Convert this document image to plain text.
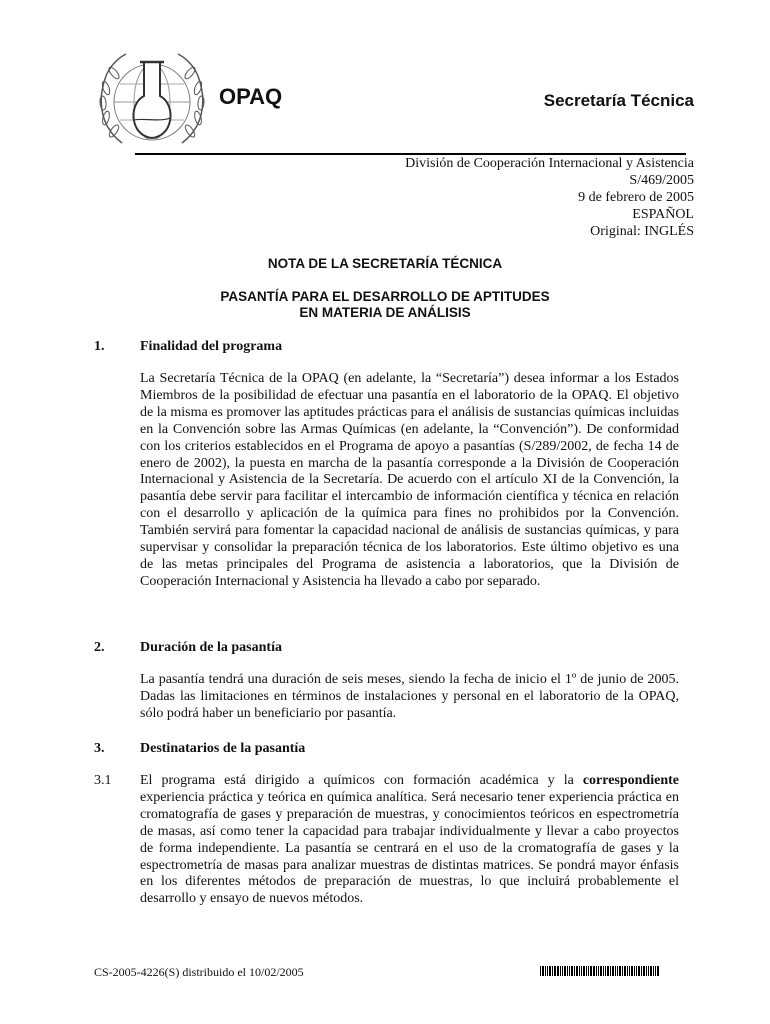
OPAQ	Secretaría Técnica
División de Cooperación Internacional y Asistencia
S/469/2005
9 de febrero de 2005
ESPAÑOL
Original: INGLÉS
NOTA DE LA SECRETARÍA TÉCNICA
PASANTÍA PARA EL DESARROLLO DE APTITUDES
EN MATERIA DE ANÁLISIS
1.	Finalidad del programa

La Secretaría Técnica de la OPAQ (en adelante, la “Secretaría”) desea informar a los Estados Miembros de la posibilidad de efectuar una pasantía en el laboratorio de la OPAQ. El objetivo de la misma es promover las aptitudes prácticas para el análisis de sustancias químicas incluidas en la Convención sobre las Armas Químicas (en adelante, la “Convención”). De conformidad con los criterios establecidos en el Programa de apoyo a pasantías (S/289/2002, de fecha 14 de enero de 2002), la puesta en marcha de la pasantía corresponde a la División de Cooperación Internacional y Asistencia de la Secretaría. De acuerdo con el artículo XI de la Convención, la pasantía debe servir para facilitar el intercambio de información científica y técnica en relación con el desarrollo y aplicación de la química para fines no prohibidos por la Convención. También servirá para fomentar la capacidad nacional de análisis de sustancias químicas, y para supervisar y consolidar la preparación técnica de los laboratorios. Este último objetivo es una de las metas principales del Programa de asistencia a laboratorios, que la División de Cooperación Internacional y Asistencia ha llevado a cabo por separado.

2.	Duración de la pasantía

La pasantía tendrá una duración de seis meses, siendo la fecha de inicio el 1º de junio de 2005. Dadas las limitaciones en términos de instalaciones y personal en el laboratorio de la OPAQ, sólo podrá haber un beneficiario por pasantía.

3.	Destinatarios de la pasantía
3.1 El programa está dirigido a químicos con formación académica y la correspondiente experiencia práctica y teórica en química analítica. Será necesario tener experiencia práctica en cromatografía de gases y preparación de muestras, y conocimientos teóricos en espectrometría de masas, así como tener la capacidad para trabajar individualmente y llevar a cabo proyectos de forma independiente. La pasantía se centrará en el uso de la cromatografía de gases y la espectrometría de masas para analizar muestras de distintas matrices. Se pondrá mayor énfasis en los diferentes métodos de preparación de muestras, lo que incluirá probablemente el desarrollo y ensayo de nuevos métodos.

CS-2005-4226(S) distribuido el 10/02/2005
